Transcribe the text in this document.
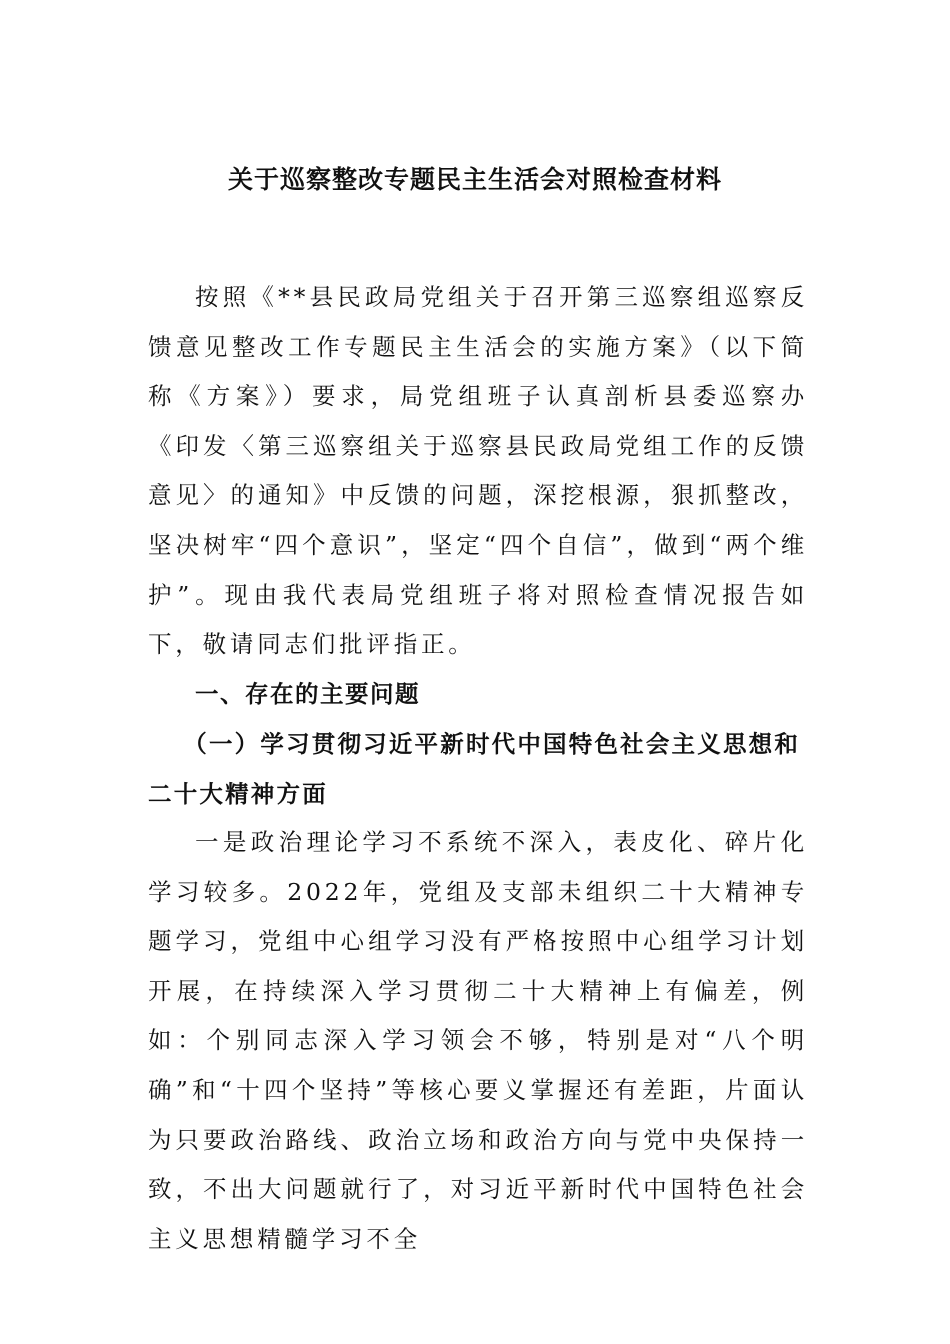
关于巡察整改专题民主生活会对照检查材料

按照《**县民政局党组关于召开第三巡察组巡察反馈意见整改工作专题民主生活会的实施方案》（以下简称《方案》）要求，局党组班子认真剖析县委巡察办《印发〈第三巡察组关于巡察县民政局党组工作的反馈意见〉的通知》中反馈的问题，深挖根源，狠抓整改，坚决树牢“四个意识”，坚定“四个自信”，做到“两个维护”。现由我代表局党组班子将对照检查情况报告如下，敬请同志们批评指正。

一、存在的主要问题
（一）学习贯彻习近平新时代中国特色社会主义思想和二十大精神方面

一是政治理论学习不系统不深入，表皮化、碎片化学习较多。2022年，党组及支部未组织二十大精神专题学习，党组中心组学习没有严格按照中心组学习计划开展，在持续深入学习贯彻二十大精神上有偏差，例如：个别同志深入学习领会不够，特别是对“八个明确”和“十四个坚持”等核心要义掌握还有差距，片面认为只要政治路线、政治立场和政治方向与党中央保持一致，不出大问题就行了，对习近平新时代中国特色社会主义思想精髓学习不全
